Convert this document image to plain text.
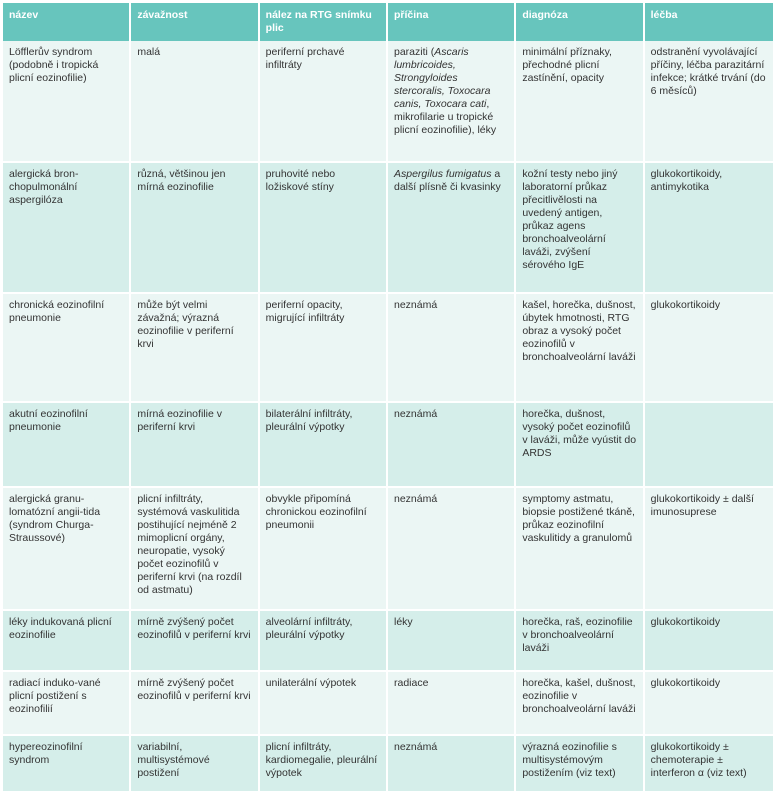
název	závažnost	nález na RTG snímku plic	příčina	diagnóza	léčba
Löfflerův syndrom (podobně i tropická plicní eozinofilie)	malá	periferní prchavé infiltráty	paraziti (Ascaris lumbricoides, Strongyloides stercoralis, Toxocara canis, Toxocara cati, mikrofilarie u tropické plicní eozinofilie), léky	minimální příznaky, přechodné plicní zastínění, opacity	odstranění vyvolávající příčiny, léčba parazitární infekce; krátké trvání (do 6 měsíců)
alergická bron-chopulmonální aspergilóza	různá, většinou jen mírná eozinofilie	pruhovité nebo ložiskové stíny	Aspergilus fumigatus a další plísně či kvasinky	kožní testy nebo jiný laboratorní průkaz přecitlivělosti na uvedený antigen, průkaz agens bronchoalveolární laváži, zvýšení sérového IgE	glukokortikoidy, antimykotika
chronická eozinofilní pneumonie	může být velmi závažná; výrazná eozinofilie v periferní krvi	periferní opacity, migrující infiltráty	neznámá	kašel, horečka, dušnost, úbytek hmotnosti, RTG obraz a vysoký počet eozinofilů v bronchoalveolární laváži	glukokortikoidy
akutní eozinofilní pneumonie	mírná eozinofilie v periferní krvi	bilaterální infiltráty, pleurální výpotky	neznámá	horečka, dušnost, vysoký počet eozinofilů v laváži, může vyústit do ARDS	
alergická granu-lomatózní angii-tida (syndrom Churga-Straussové)	plicní infiltráty, systémová vaskulitida postihující nejméně 2 mimoplicní orgány, neuropatie, vysoký počet eozinofilů v periferní krvi (na rozdíl od astmatu)	obvykle připomíná chronickou eozinofilní pneumonii	neznámá	symptomy astmatu, biopsie postižené tkáně, průkaz eozinofilní vaskulitidy a granulomů	glukokortikoidy ± další imunosuprese
léky indukovaná plicní eozinofilie	mírně zvýšený počet eozinofilů v periferní krvi	alveolární infiltráty, pleurální výpotky	léky	horečka, raš, eozinofilie v bronchoalveolární laváži	glukokortikoidy
radiací induko-vané plicní postižení s eozinofilií	mírně zvýšený počet eozinofilů v periferní krvi	unilaterální výpotek	radiace	horečka, kašel, dušnost, eozinofilie v bronchoalveolární laváži	glukokortikoidy
hypereozinofilní syndrom	variabilní, multisystémové postižení	plicní infiltráty, kardiomegalie, pleurální výpotek	neznámá	výrazná eozinofilie s multisystémovým postižením (viz text)	glukokortikoidy ± chemoterapie ± interferon α (viz text)
